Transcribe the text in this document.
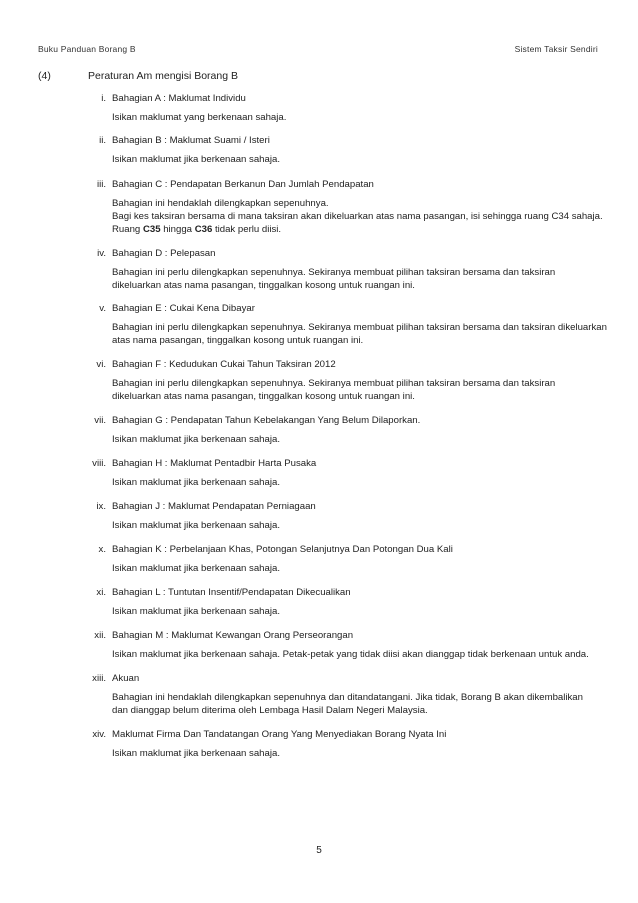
Buku Panduan Borang B	Sistem Taksir Sendiri
(4)	Peraturan Am mengisi Borang B
i. Bahagian A : Maklumat Individu
Isikan maklumat yang berkenaan sahaja.
ii. Bahagian B : Maklumat Suami / Isteri
Isikan maklumat jika berkenaan sahaja.
iii. Bahagian C : Pendapatan Berkanun Dan Jumlah Pendapatan
Bahagian ini hendaklah dilengkapkan sepenuhnya.
Bagi kes taksiran bersama di mana taksiran akan dikeluarkan atas nama pasangan, isi sehingga ruang C34 sahaja.
Ruang C35 hingga C36 tidak perlu diisi.
iv. Bahagian D : Pelepasan
Bahagian ini perlu dilengkapkan sepenuhnya. Sekiranya membuat pilihan taksiran bersama dan taksiran
dikeluarkan atas nama pasangan, tinggalkan kosong untuk ruangan ini.
v. Bahagian E : Cukai Kena Dibayar
Bahagian ini perlu dilengkapkan sepenuhnya. Sekiranya membuat pilihan taksiran bersama dan taksiran dikeluarkan
atas nama pasangan, tinggalkan kosong untuk ruangan ini.
vi. Bahagian F : Kedudukan Cukai Tahun Taksiran 2012
Bahagian ini perlu dilengkapkan sepenuhnya. Sekiranya membuat pilihan taksiran bersama dan taksiran
dikeluarkan atas nama pasangan, tinggalkan kosong untuk ruangan ini.
vii. Bahagian G : Pendapatan Tahun Kebelakangan Yang Belum Dilaporkan.
Isikan maklumat jika berkenaan sahaja.
viii. Bahagian H : Maklumat Pentadbir Harta Pusaka
Isikan maklumat jika berkenaan sahaja.
ix. Bahagian J : Maklumat Pendapatan Perniagaan
Isikan maklumat jika berkenaan sahaja.
x. Bahagian K : Perbelanjaan Khas, Potongan Selanjutnya Dan Potongan Dua Kali
Isikan maklumat jika berkenaan sahaja.
xi. Bahagian L : Tuntutan Insentif/Pendapatan Dikecualikan
Isikan maklumat jika berkenaan sahaja.
xii. Bahagian M : Maklumat Kewangan Orang Perseorangan
Isikan maklumat jika berkenaan sahaja. Petak-petak yang tidak diisi akan dianggap tidak berkenaan untuk anda.
xiii. Akuan
Bahagian ini hendaklah dilengkapkan sepenuhnya dan ditandatangani. Jika tidak, Borang B akan dikembalikan
dan dianggap belum diterima oleh Lembaga Hasil Dalam Negeri Malaysia.
xiv. Maklumat Firma Dan Tandatangan Orang Yang Menyediakan Borang Nyata Ini
Isikan maklumat jika berkenaan sahaja.
5
